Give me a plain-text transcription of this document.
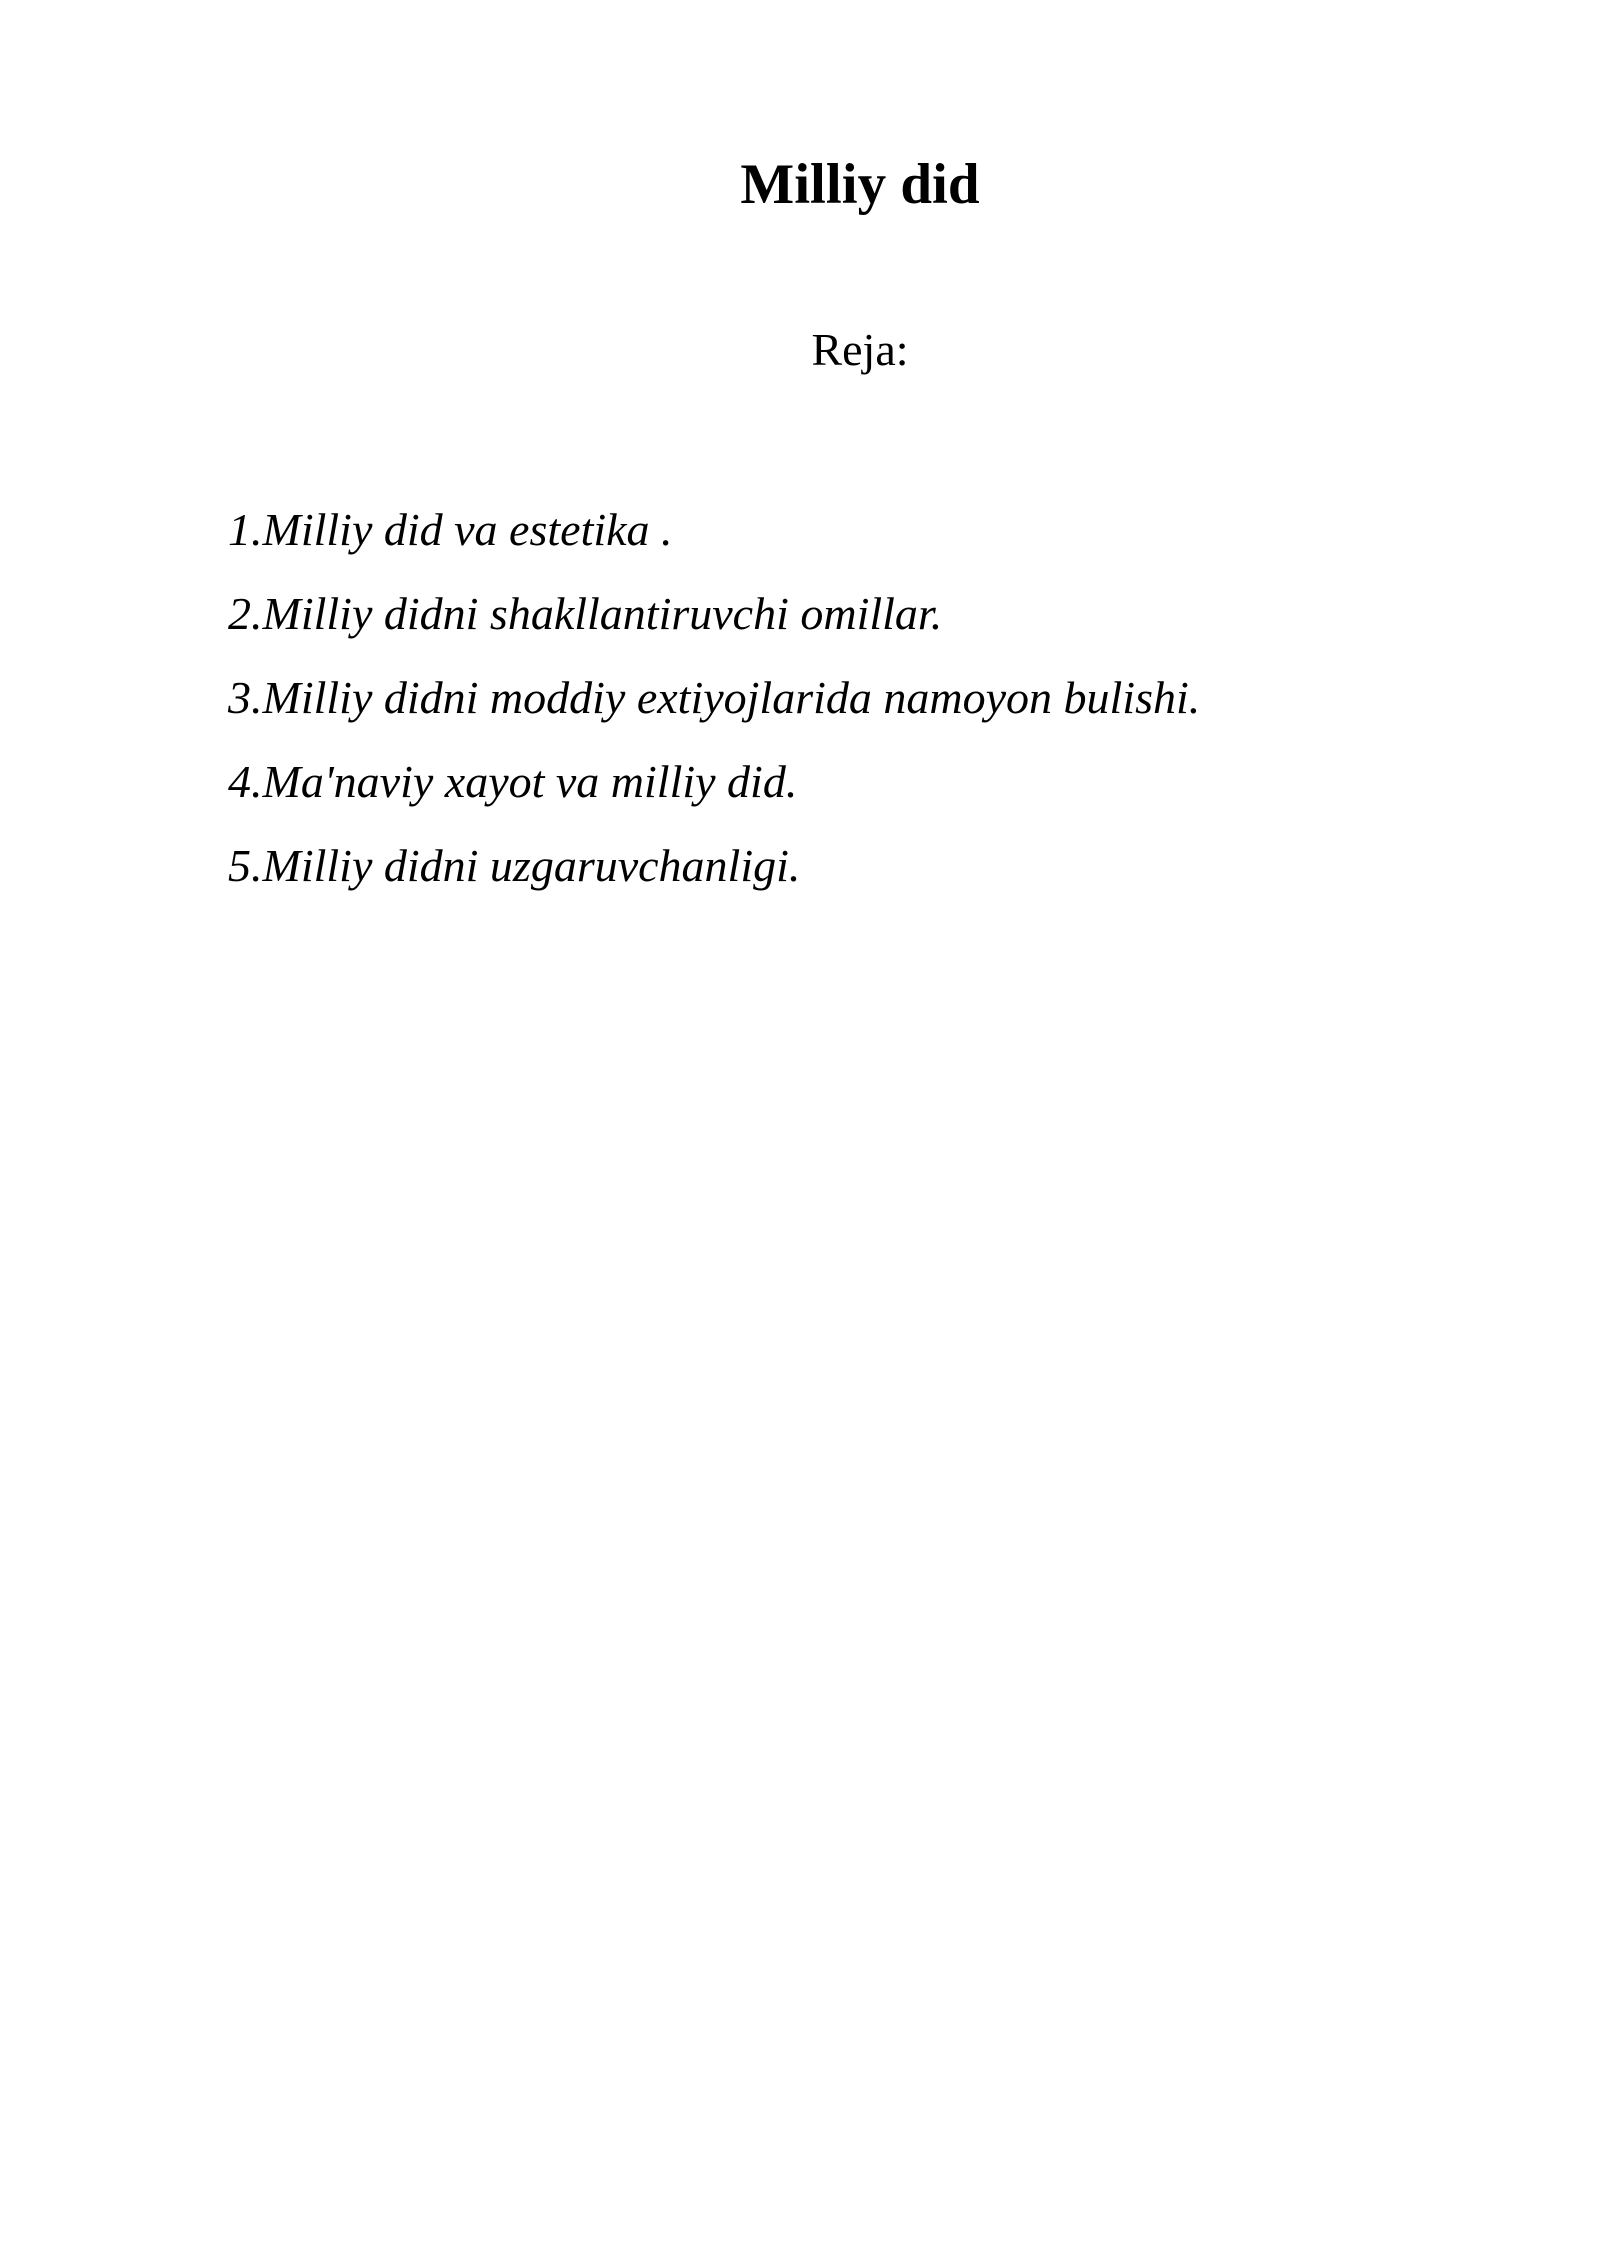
Milliy did

Reja:

1.Milliy did va estetika .
2.Milliy didni shakllantiruvchi omillar.
3.Milliy didni moddiy extiyojlarida namoyon bulishi.
4.Ma'naviy xayot va milliy did.
5.Milliy didni uzgaruvchanligi.
